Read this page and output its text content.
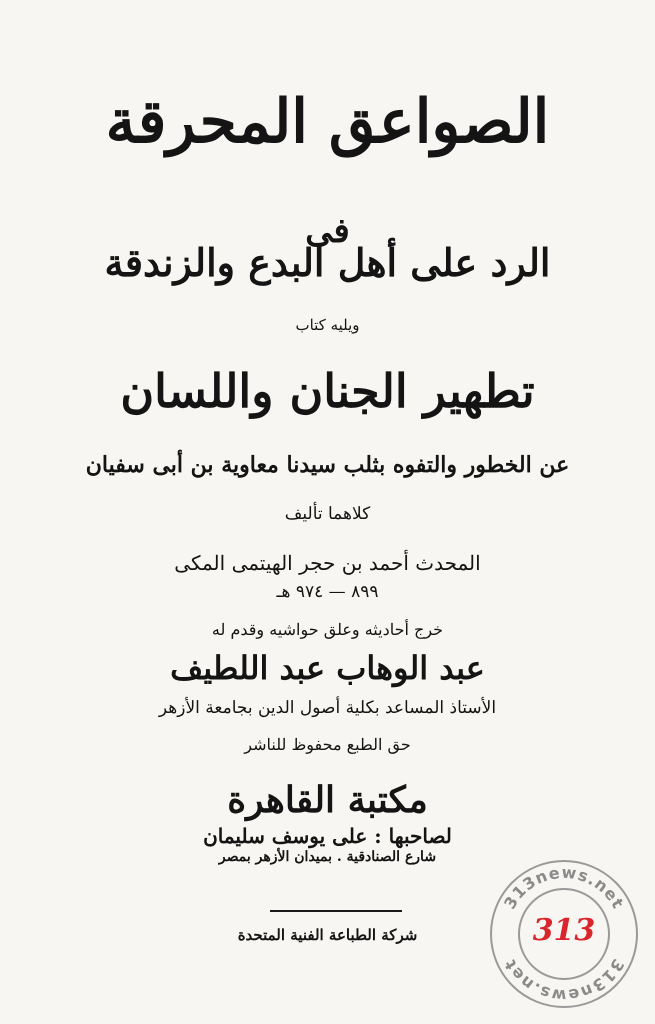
الصواعق المحرقة
فى
الرد على أهل البدع والزندقة
ويليه كتاب
تطهير الجنان واللسان
عن الخطور والتفوه بثلب سيدنا معاوية بن أبى سفيان
كلاهما تأليف
المحدث أحمد بن حجر الهيتمى المكى
٨٩٩ — ٩٧٤ هـ
خرج أحاديثه وعلق حواشيه وقدم له
عبد الوهاب عبد اللطيف
الأستاذ المساعد بكلية أصول الدين بجامعة الأزهر
حق الطبع محفوظ للناشر
مكتبة القاهرة
لصاحبها : على يوسف سليمان
شارع الصنادقية . بميدان الأزهر بمصر
شركة الطباعة الفنية المتحدة
313news.net
313news.net
313
